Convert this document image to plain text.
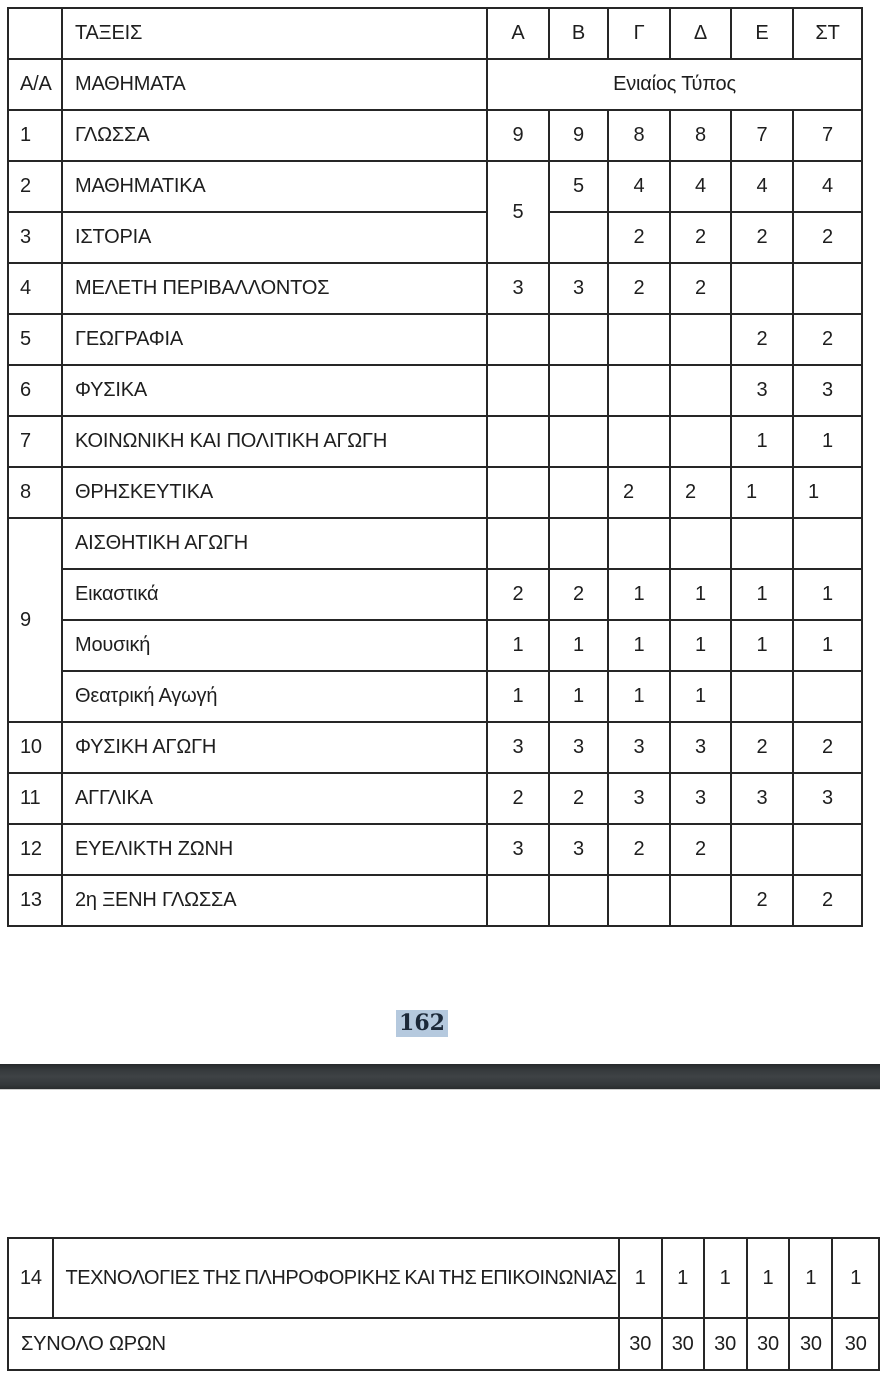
	ΤΑΞΕΙΣ	Α	Β	Γ	Δ	Ε	ΣΤ
Α/Α	ΜΑΘΗΜΑΤΑ	Ενιαίος Τύπος					
1	ΓΛΩΣΣΑ	9	9	8	8	7	7
2	ΜΑΘΗΜΑΤΙΚΑ	5	5	4	4	4	4
3	ΙΣΤΟΡΙΑ			2	2	2	2
4	ΜΕΛΕΤΗ ΠΕΡΙΒΑΛΛΟΝΤΟΣ	3	3	2	2		
5	ΓΕΩΓΡΑΦΙΑ					2	2
6	ΦΥΣΙΚΑ					3	3
7	ΚΟΙΝΩΝΙΚΗ ΚΑΙ ΠΟΛΙΤΙΚΗ ΑΓΩΓΗ					1	1
8	ΘΡΗΣΚΕΥΤΙΚΑ			2	2	1	1
9	ΑΙΣΘΗΤΙΚΗ ΑΓΩΓΗ						
	Εικαστικά	2	2	1	1	1	1
	Μουσική	1	1	1	1	1	1
	Θεατρική Αγωγή	1	1	1	1		

10	ΦΥΣΙΚΗ ΑΓΩΓΗ	3	3	3	3	2	2
11	ΑΓΓΛΙΚΑ	2	2	3	3	3	3
12	ΕΥΕΛΙΚΤΗ ΖΩΝΗ	3	3	2	2		
13	2η ΞΕΝΗ ΓΛΩΣΣΑ					2	2
162
14	ΤΕΧΝΟΛΟΓΙΕΣ ΤΗΣ ΠΛΗΡΟΦΟΡΙΚΗΣ ΚΑΙ ΤΗΣ ΕΠΙΚΟΙΝΩΝΙΑΣ	1	1	1	1	1	1
ΣΥΝΟΛΟ ΩΡΩΝ		30	30	30	30	30	30
